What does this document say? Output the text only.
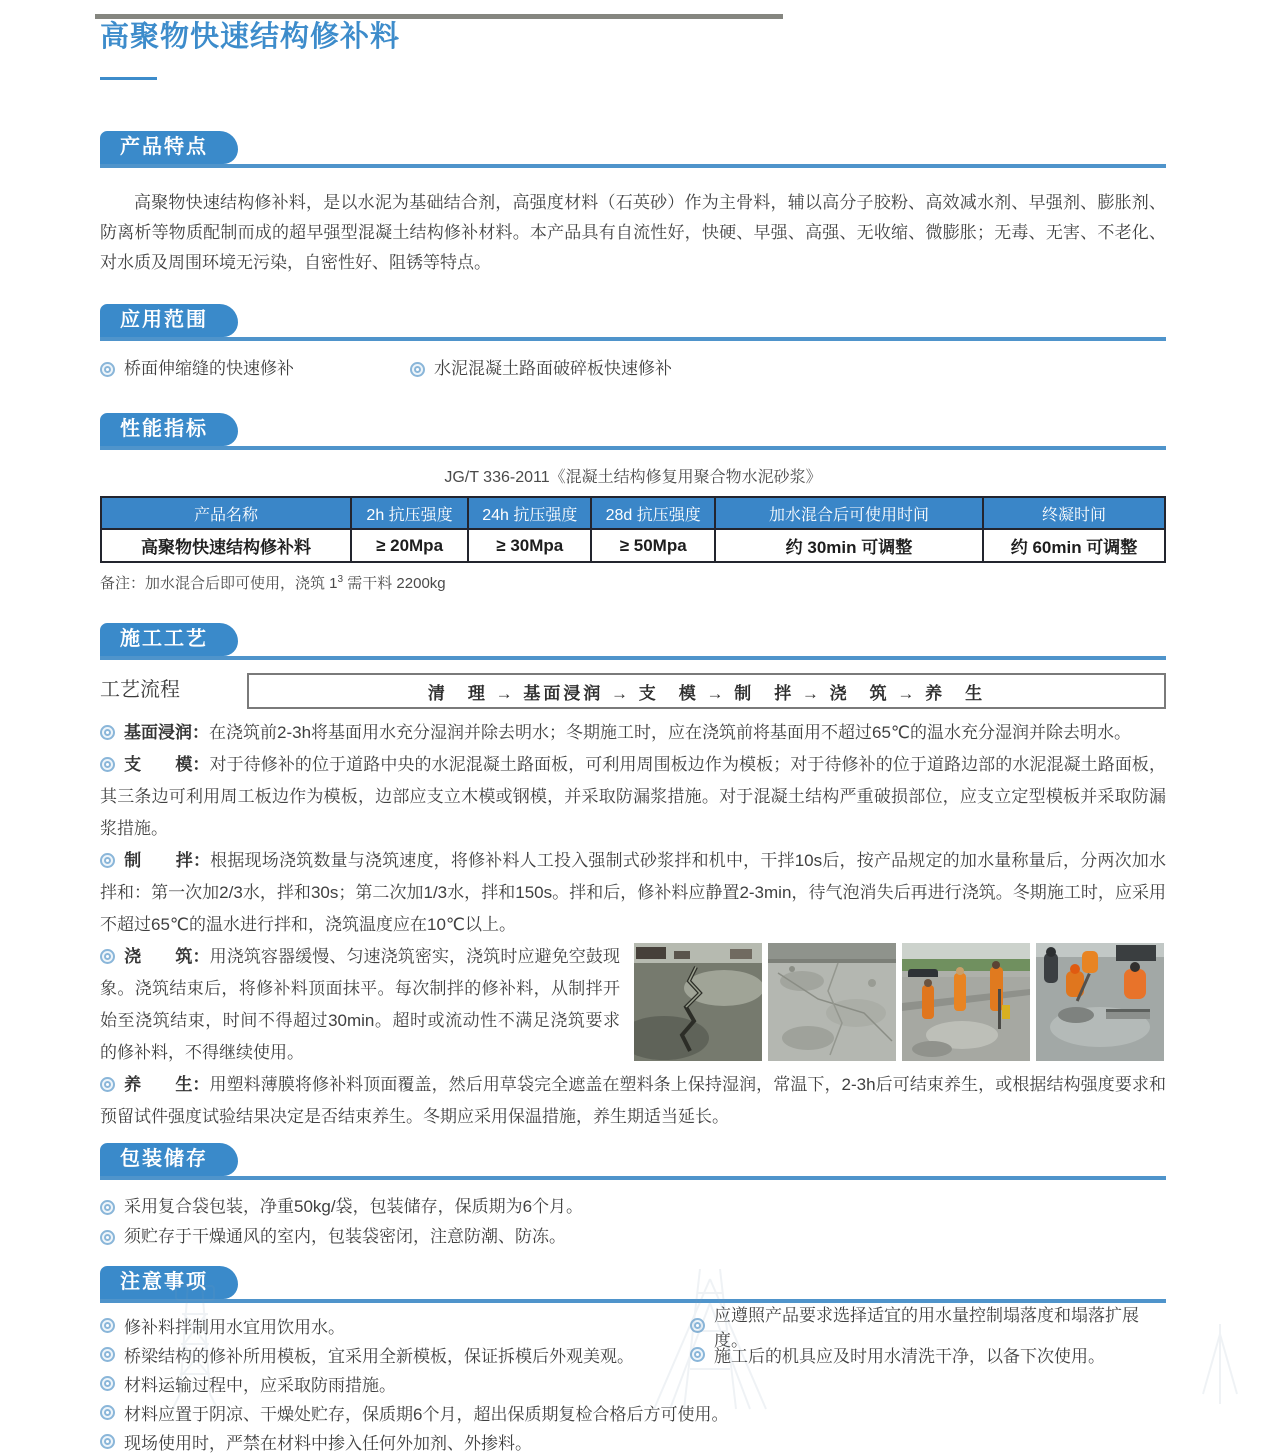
高聚物快速结构修补料
产品特点

高聚物快速结构修补料，是以水泥为基础结合剂，高强度材料（石英砂）作为主骨料，辅以高分子胶粉、高效减水剂、早强剂、膨胀剂、防离析等物质配制而成的超早强型混凝土结构修补材料。本产品具有自流性好，快硬、早强、高强、无收缩、微膨胀；无毒、无害、不老化、对水质及周围环境无污染，自密性好、阻锈等特点。

应用范围
桥面伸缩缝的快速修补	水泥混凝土路面破碎板快速修补
性能指标
JG/T 336-2011《混凝土结构修复用聚合物水泥砂浆》
产品名称	2h 抗压强度	24h 抗压强度	28d 抗压强度	加水混合后可使用时间	终凝时间
高聚物快速结构修补料	≥ 20Mpa	≥ 30Mpa	≥ 50Mpa	约 30min 可调整	约 60min 可调整
备注：加水混合后即可使用，浇筑 $1^3$ 需干料 2200kg
施工工艺
工艺流程	清　理 → 基面浸润 → 支　模 → 制　拌 → 浇　筑 → 养　生

基面浸润：在浇筑前2-3h将基面用水充分湿润并除去明水；冬期施工时，应在浇筑前将基面用不超过65℃的温水充分湿润并除去明水。

支　　模：对于待修补的位于道路中央的水泥混凝土路面板，可利用周围板边作为模板；对于待修补的位于道路边部的水泥混凝土路面板，其三条边可利用周工板边作为模板，边部应支立木模或钢模，并采取防漏浆措施。对于混凝土结构严重破损部位，应支立定型模板并采取防漏浆措施。

制　　拌：根据现场浇筑数量与浇筑速度，将修补料人工投入强制式砂浆拌和机中，干拌10s后，按产品规定的加水量称量后，分两次加水拌和：第一次加2/3水，拌和30s；第二次加1/3水，拌和150s。拌和后，修补料应静置2-3min，待气泡消失后再进行浇筑。冬期施工时，应采用不超过65℃的温水进行拌和，浇筑温度应在10℃以上。

浇　　筑：用浇筑容器缓慢、匀速浇筑密实，浇筑时应避免空鼓现象。浇筑结束后，将修补料顶面抹平。每次制拌的修补料，从制拌开始至浇筑结束，时间不得超过30min。超时或流动性不满足浇筑要求的修补料，不得继续使用。

养　　生：用塑料薄膜将修补料顶面覆盖，然后用草袋完全遮盖在塑料条上保持湿润，常温下，2-3h后可结束养生，或根据结构强度要求和预留试件强度试验结果决定是否结束养生。冬期应采用保温措施，养生期适当延长。

包装储存
采用复合袋包装，净重50kg/袋，包装储存，保质期为6个月。
须贮存于干燥通风的室内，包装袋密闭，注意防潮、防冻。
注意事项
修补料拌制用水宜用饮用水。
应遵照产品要求选择适宜的用水量控制塌落度和塌落扩展度。
桥梁结构的修补所用模板，宜采用全新模板，保证拆模后外观美观。	施工后的机具应及时用水清洗干净，以备下次使用。
材料运输过程中，应采取防雨措施。
材料应置于阴凉、干燥处贮存，保质期6个月，超出保质期复检合格后方可使用。
现场使用时，严禁在材料中掺入任何外加剂、外掺料。
